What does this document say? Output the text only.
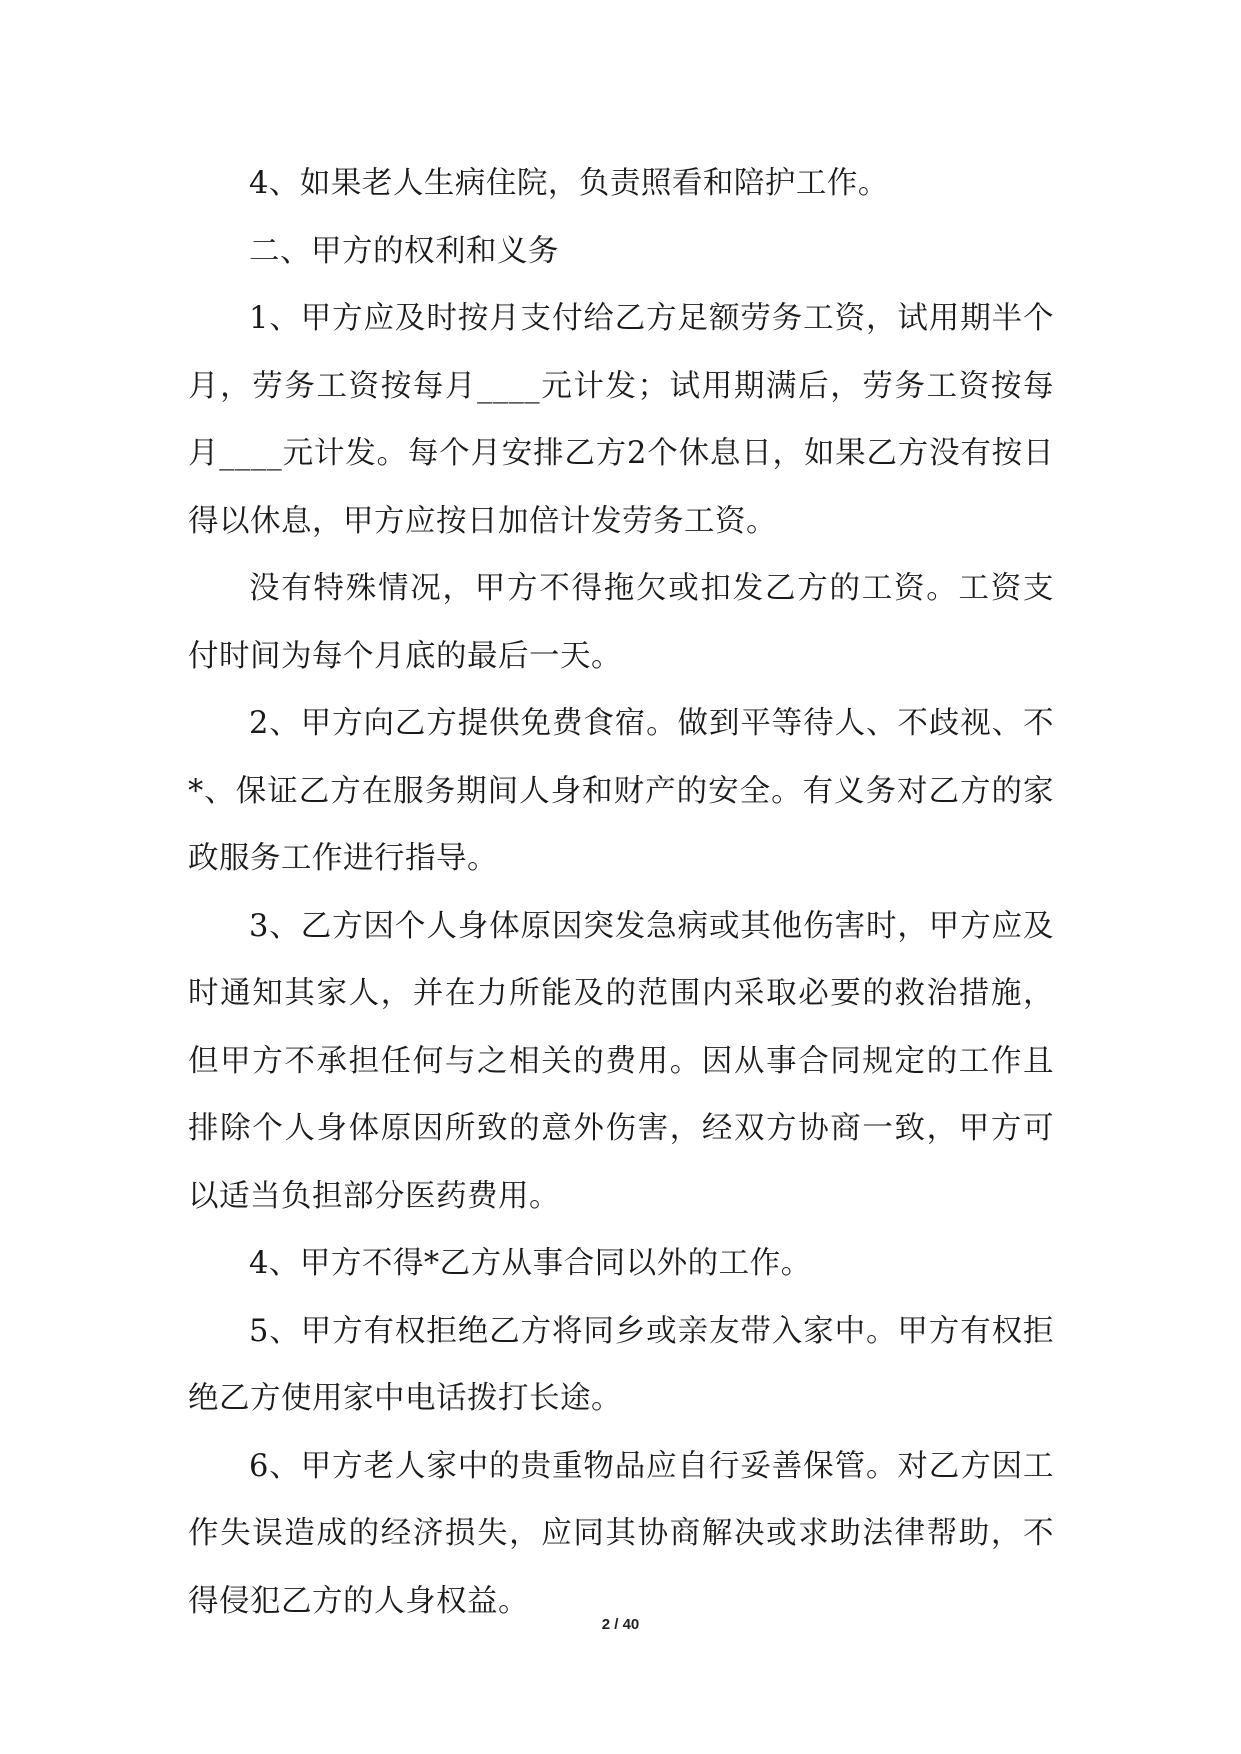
4、如果老人生病住院，负责照看和陪护工作。

二、甲方的权利和义务

1、甲方应及时按月支付给乙方足额劳务工资，试用期半个月，劳务工资按每月____元计发；试用期满后，劳务工资按每月____元计发。每个月安排乙方2个休息日，如果乙方没有按日得以休息，甲方应按日加倍计发劳务工资。

没有特殊情况，甲方不得拖欠或扣发乙方的工资。工资支付时间为每个月底的最后一天。

2、甲方向乙方提供免费食宿。做到平等待人、不歧视、不*、保证乙方在服务期间人身和财产的安全。有义务对乙方的家政服务工作进行指导。

3、乙方因个人身体原因突发急病或其他伤害时，甲方应及时通知其家人，并在力所能及的范围内采取必要的救治措施，但甲方不承担任何与之相关的费用。因从事合同规定的工作且排除个人身体原因所致的意外伤害，经双方协商一致，甲方可以适当负担部分医药费用。

4、甲方不得*乙方从事合同以外的工作。

5、甲方有权拒绝乙方将同乡或亲友带入家中。甲方有权拒绝乙方使用家中电话拨打长途。

6、甲方老人家中的贵重物品应自行妥善保管。对乙方因工作失误造成的经济损失，应同其协商解决或求助法律帮助，不得侵犯乙方的人身权益。

2 / 40
